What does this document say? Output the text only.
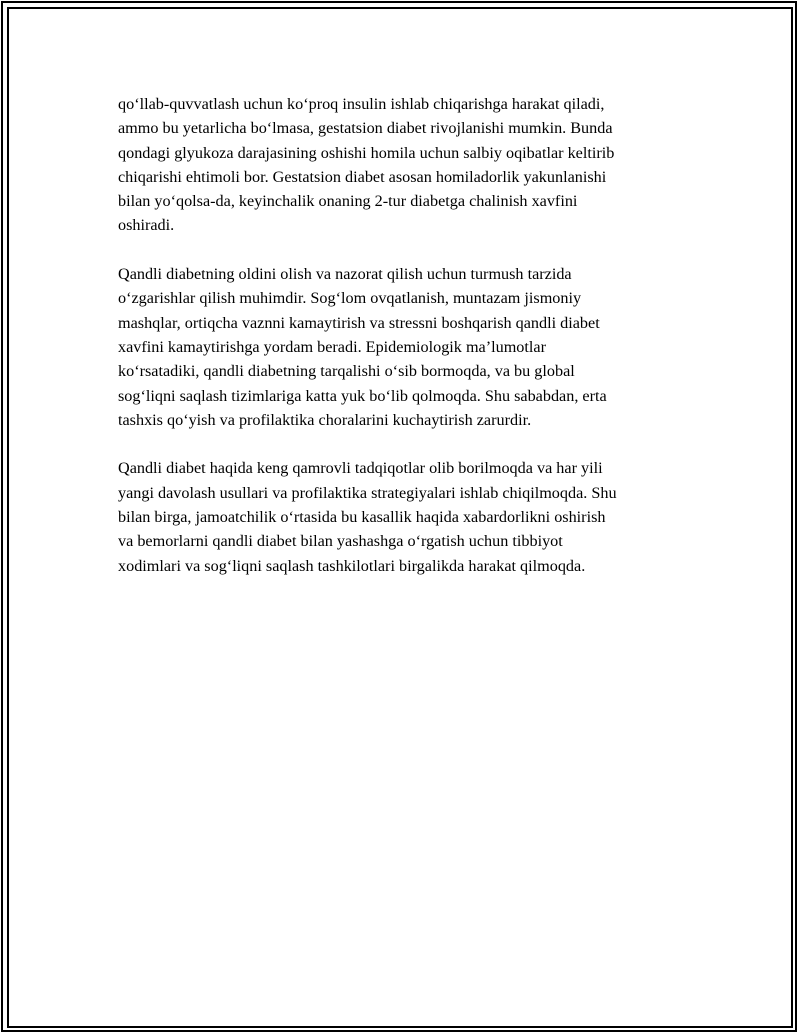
qo‘llab-quvvatlash uchun ko‘proq insulin ishlab chiqarishga harakat qiladi,
ammo bu yetarlicha bo‘lmasa, gestatsion diabet rivojlanishi mumkin. Bunda
qondagi glyukoza darajasining oshishi homila uchun salbiy oqibatlar keltirib
chiqarishi ehtimoli bor. Gestatsion diabet asosan homiladorlik yakunlanishi
bilan yo‘qolsa-da, keyinchalik onaning 2-tur diabetga chalinish xavfini
oshiradi.

Qandli diabetning oldini olish va nazorat qilish uchun turmush tarzida
o‘zgarishlar qilish muhimdir. Sog‘lom ovqatlanish, muntazam jismoniy
mashqlar, ortiqcha vaznni kamaytirish va stressni boshqarish qandli diabet
xavfini kamaytirishga yordam beradi. Epidemiologik ma’lumotlar
ko‘rsatadiki, qandli diabetning tarqalishi o‘sib bormoqda, va bu global
sog‘liqni saqlash tizimlariga katta yuk bo‘lib qolmoqda. Shu sababdan, erta
tashxis qo‘yish va profilaktika choralarini kuchaytirish zarurdir.

Qandli diabet haqida keng qamrovli tadqiqotlar olib borilmoqda va har yili
yangi davolash usullari va profilaktika strategiyalari ishlab chiqilmoqda. Shu
bilan birga, jamoatchilik o‘rtasida bu kasallik haqida xabardorlikni oshirish
va bemorlarni qandli diabet bilan yashashga o‘rgatish uchun tibbiyot
xodimlari va sog‘liqni saqlash tashkilotlari birgalikda harakat qilmoqda.
